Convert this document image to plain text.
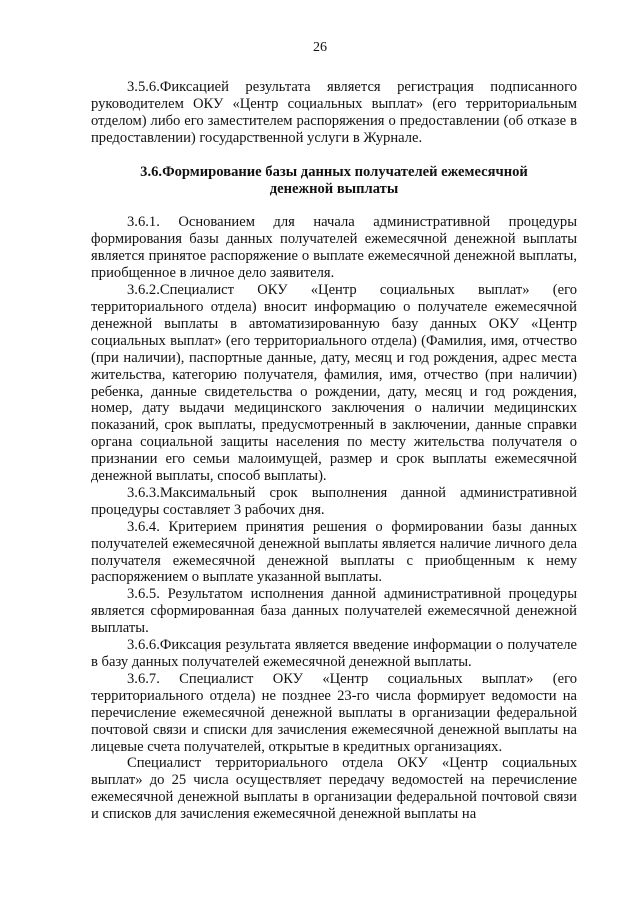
26

3.5.6.Фиксацией результата является регистрация подписанного руководителем ОКУ «Центр социальных выплат» (его территориальным отделом) либо его заместителем распоряжения о предоставлении (об отказе в предоставлении) государственной услуги в Журнале.

3.6.Формирование базы данных получателей ежемесячной денежной выплаты

3.6.1. Основанием для начала административной процедуры формирования базы данных получателей ежемесячной денежной выплаты является принятое распоряжение о выплате ежемесячной денежной выплаты, приобщенное в личное дело заявителя.

3.6.2.Специалист ОКУ «Центр социальных выплат» (его территориального отдела) вносит информацию о получателе ежемесячной денежной выплаты в автоматизированную базу данных ОКУ «Центр социальных выплат» (его территориального отдела) (Фамилия, имя, отчество (при наличии), паспортные данные, дату, месяц и год рождения, адрес места жительства, категорию получателя, фамилия, имя, отчество (при наличии) ребенка, данные свидетельства о рождении, дату, месяц и год рождения, номер, дату выдачи медицинского заключения о наличии медицинских показаний, срок выплаты, предусмотренный в заключении, данные справки органа социальной защиты населения по месту жительства получателя о признании его семьи малоимущей, размер и срок выплаты ежемесячной денежной выплаты, способ выплаты).

3.6.3.Максимальный срок выполнения данной административной процедуры составляет 3 рабочих дня.

3.6.4. Критерием принятия решения о формировании базы данных получателей ежемесячной денежной выплаты является наличие личного дела получателя ежемесячной денежной выплаты с приобщенным к нему распоряжением о выплате указанной выплаты.

3.6.5. Результатом исполнения данной административной процедуры является сформированная база данных получателей ежемесячной денежной выплаты.

3.6.6.Фиксация результата является введение информации о получателе в базу данных получателей ежемесячной денежной выплаты.

3.6.7. Специалист ОКУ «Центр социальных выплат» (его территориального отдела) не позднее 23-го числа формирует ведомости на перечисление ежемесячной денежной выплаты в организации федеральной почтовой связи и списки для зачисления ежемесячной денежной выплаты на лицевые счета получателей, открытые в кредитных организациях.

Специалист территориального отдела ОКУ «Центр социальных выплат» до 25 числа осуществляет передачу ведомостей на перечисление ежемесячной денежной выплаты в организации федеральной почтовой связи и списков для зачисления ежемесячной денежной выплаты на
